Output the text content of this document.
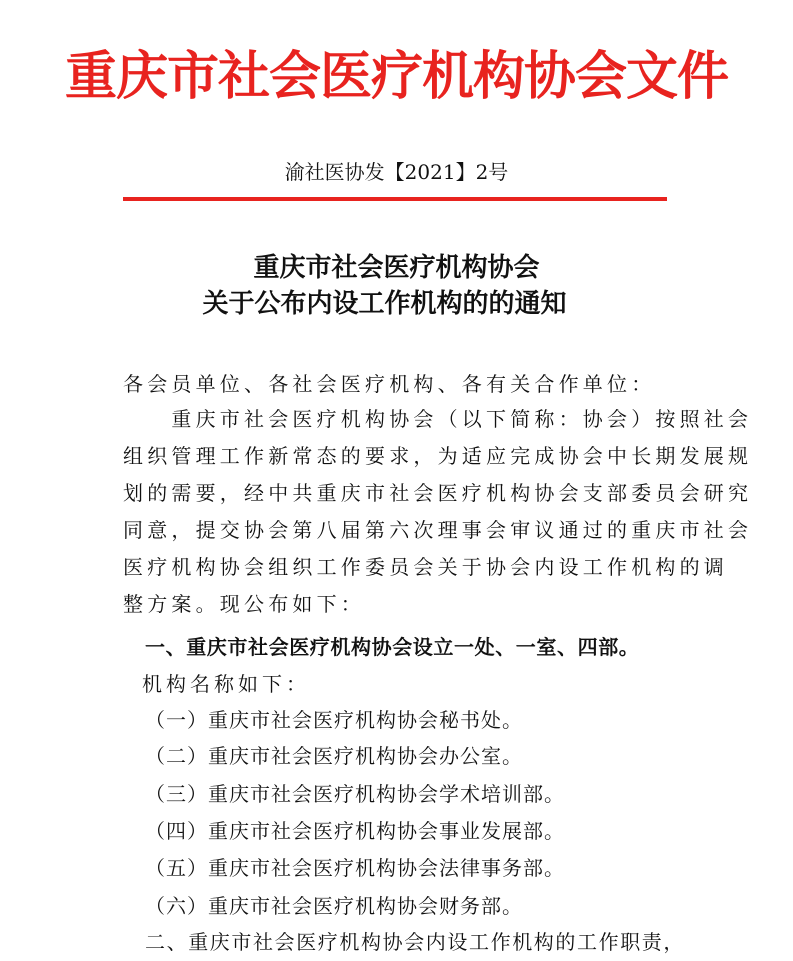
重庆市社会医疗机构协会文件
渝社医协发【2021】2号
重庆市社会医疗机构协会
关于公布内设工作机构的的通知
各会员单位、各社会医疗机构、各有关合作单位：
　　重庆市社会医疗机构协会（以下简称：协会）按照社会
组织管理工作新常态的要求，为适应完成协会中长期发展规
划的需要，经中共重庆市社会医疗机构协会支部委员会研究
同意，提交协会第八届第六次理事会审议通过的重庆市社会
医疗机构协会组织工作委员会关于协会内设工作机构的调
整方案。现公布如下：
一、重庆市社会医疗机构协会设立一处、一室、四部。
机构名称如下：
（一）重庆市社会医疗机构协会秘书处。
（二）重庆市社会医疗机构协会办公室。
（三）重庆市社会医疗机构协会学术培训部。
（四）重庆市社会医疗机构协会事业发展部。
（五）重庆市社会医疗机构协会法律事务部。
（六）重庆市社会医疗机构协会财务部。
二、重庆市社会医疗机构协会内设工作机构的工作职责，
